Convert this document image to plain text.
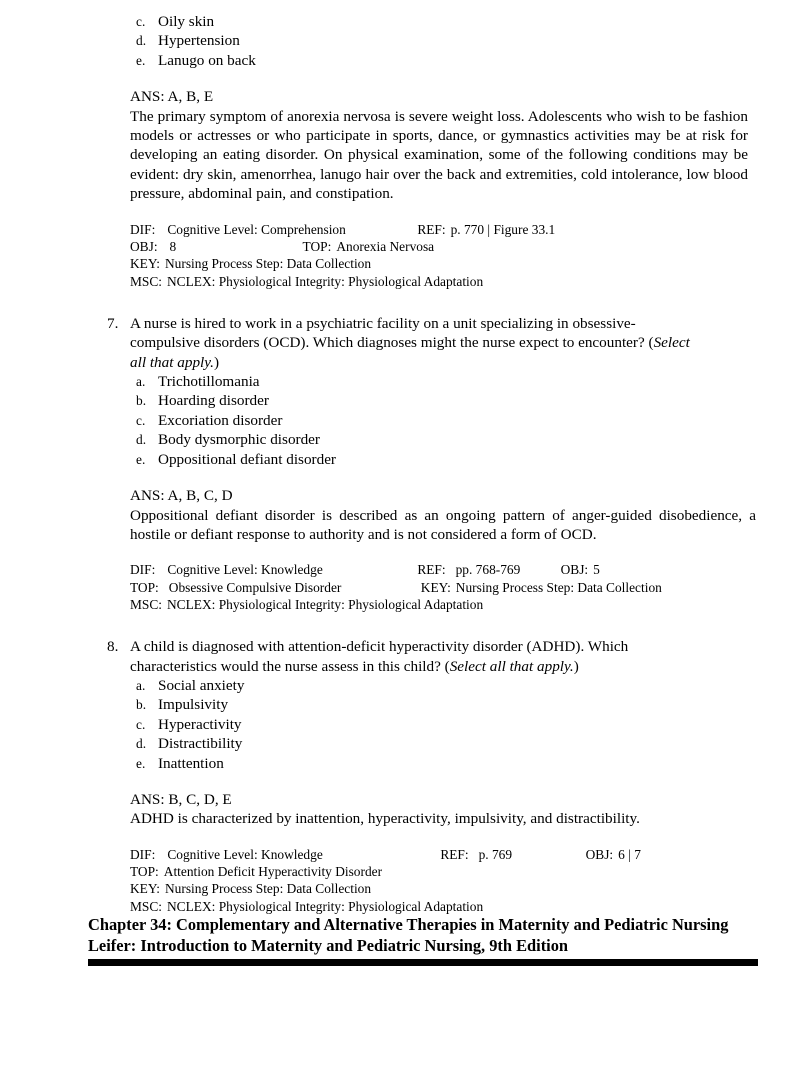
c. Oily skin
d. Hypertension
e. Lanugo on back
ANS: A, B, E
The primary symptom of anorexia nervosa is severe weight loss. Adolescents who wish to be fashion models or actresses or who participate in sports, dance, or gymnastics activities may be at risk for developing an eating disorder. On physical examination, some of the following conditions may be evident: dry skin, amenorrhea, lanugo hair over the back and extremities, cold intolerance, low blood pressure, abdominal pain, and constipation.
DIF: Cognitive Level: Comprehension	REF: p. 770 | Figure 33.1
OBJ: 8	TOP: Anorexia Nervosa
KEY: Nursing Process Step: Data Collection
MSC: NCLEX: Physiological Integrity: Physiological Adaptation
7. A nurse is hired to work in a psychiatric facility on a unit specializing in obsessive-compulsive disorders (OCD). Which diagnoses might the nurse expect to encounter? (Select all that apply.)
a. Trichotillomania
b. Hoarding disorder
c. Excoriation disorder
d. Body dysmorphic disorder
e. Oppositional defiant disorder
ANS: A, B, C, D
Oppositional defiant disorder is described as an ongoing pattern of anger-guided disobedience, a hostile or defiant response to authority and is not considered a form of OCD.
DIF: Cognitive Level: Knowledge	REF: pp. 768-769	OBJ: 5
TOP: Obsessive Compulsive Disorder	KEY: Nursing Process Step: Data Collection
MSC: NCLEX: Physiological Integrity: Physiological Adaptation
8. A child is diagnosed with attention-deficit hyperactivity disorder (ADHD). Which characteristics would the nurse assess in this child? (Select all that apply.)
a. Social anxiety
b. Impulsivity
c. Hyperactivity
d. Distractibility
e. Inattention
ANS: B, C, D, E
ADHD is characterized by inattention, hyperactivity, impulsivity, and distractibility.
DIF: Cognitive Level: Knowledge	REF: p. 769	OBJ: 6 | 7
TOP: Attention Deficit Hyperactivity Disorder
KEY: Nursing Process Step: Data Collection
MSC: NCLEX: Physiological Integrity: Physiological Adaptation
Chapter 34: Complementary and Alternative Therapies in Maternity and Pediatric Nursing
Leifer: Introduction to Maternity and Pediatric Nursing, 9th Edition
